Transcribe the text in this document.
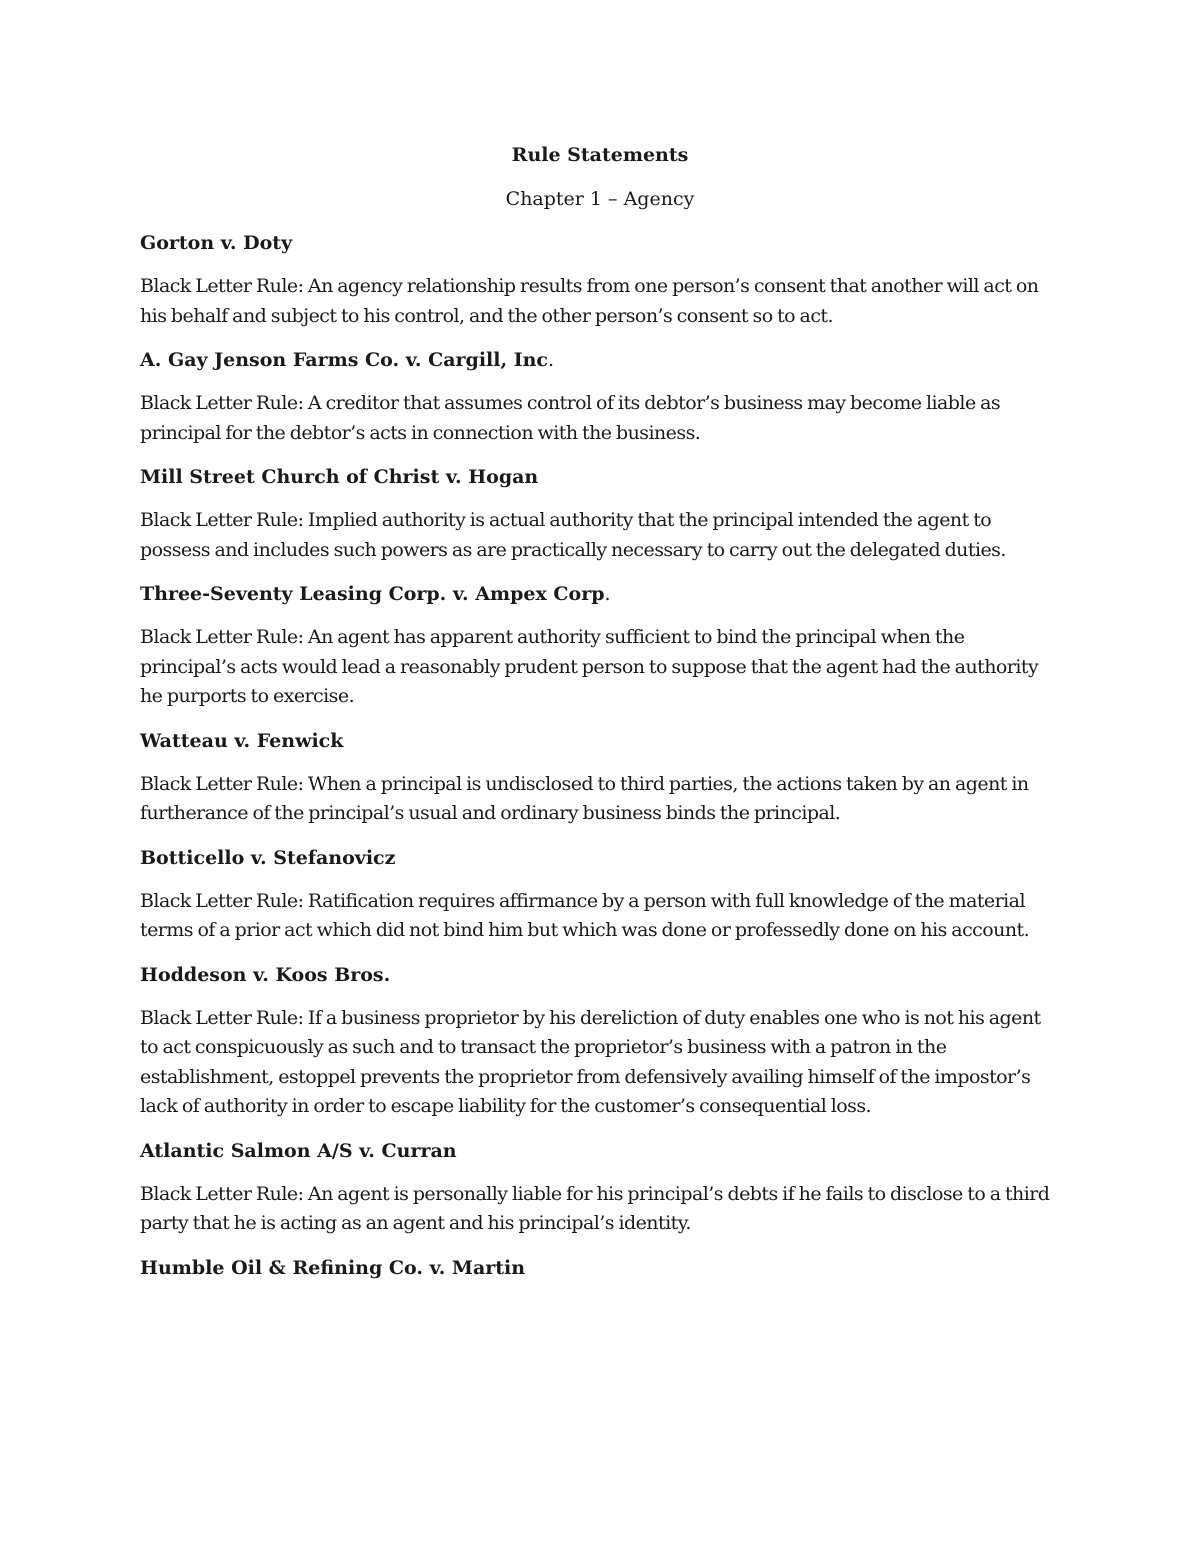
Rule Statements

Chapter 1 – Agency

Gorton v. Doty

Black Letter Rule: An agency relationship results from one person’s consent that another will act on his behalf and subject to his control, and the other person’s consent so to act.

A. Gay Jenson Farms Co. v. Cargill, Inc.

Black Letter Rule: A creditor that assumes control of its debtor’s business may become liable as principal for the debtor’s acts in connection with the business.

Mill Street Church of Christ v. Hogan

Black Letter Rule: Implied authority is actual authority that the principal intended the agent to possess and includes such powers as are practically necessary to carry out the delegated duties.

Three-Seventy Leasing Corp. v. Ampex Corp.

Black Letter Rule: An agent has apparent authority sufficient to bind the principal when the principal’s acts would lead a reasonably prudent person to suppose that the agent had the authority he purports to exercise.

Watteau v. Fenwick

Black Letter Rule: When a principal is undisclosed to third parties, the actions taken by an agent in furtherance of the principal’s usual and ordinary business binds the principal.

Botticello v. Stefanovicz

Black Letter Rule: Ratification requires affirmance by a person with full knowledge of the material terms of a prior act which did not bind him but which was done or professedly done on his account.

Hoddeson v. Koos Bros.

Black Letter Rule: If a business proprietor by his dereliction of duty enables one who is not his agent to act conspicuously as such and to transact the proprietor’s business with a patron in the establishment, estoppel prevents the proprietor from defensively availing himself of the impostor’s lack of authority in order to escape liability for the customer’s consequential loss.

Atlantic Salmon A/S v. Curran

Black Letter Rule: An agent is personally liable for his principal’s debts if he fails to disclose to a third party that he is acting as an agent and his principal’s identity.

Humble Oil & Refining Co. v. Martin
